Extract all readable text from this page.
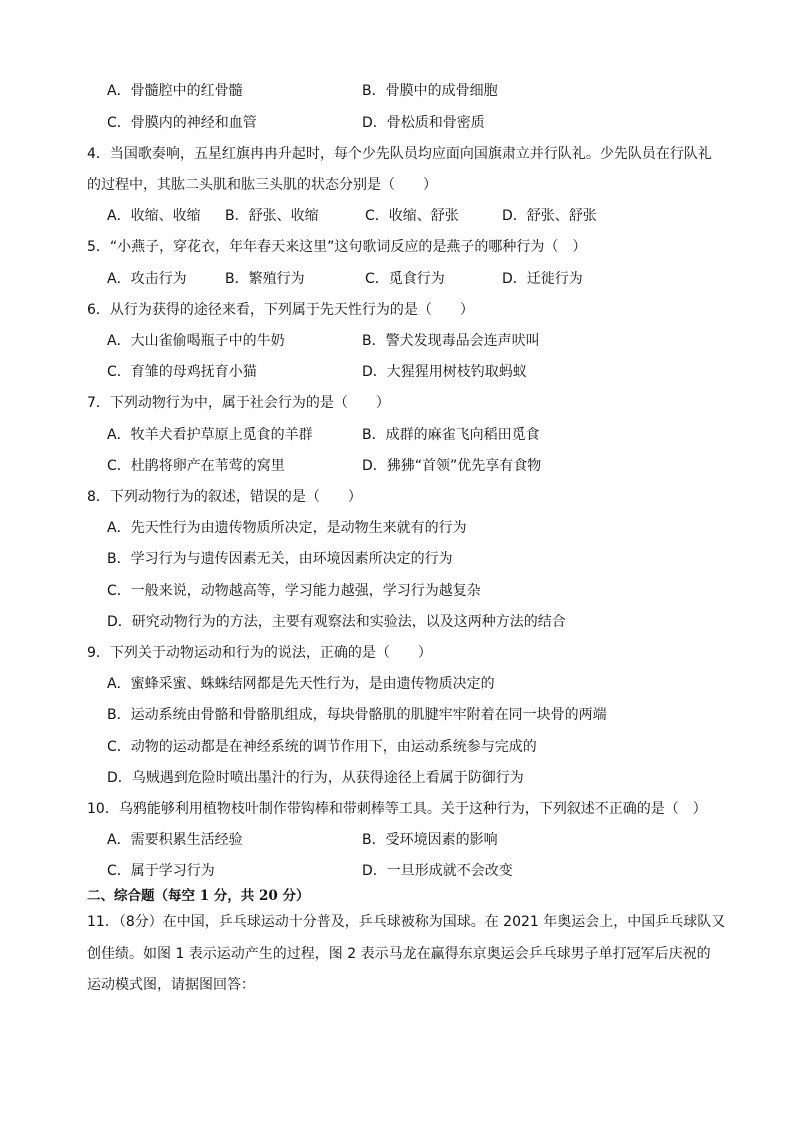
A．骨髓腔中的红骨髓	B．骨膜中的成骨细胞
C．骨膜内的神经和血管	D．骨松质和骨密质
4．当国歌奏响，五星红旗冉冉升起时，每个少先队员均应面向国旗肃立并行队礼。少先队员在行队礼
的过程中，其肱二头肌和肱三头肌的状态分别是（　　）
A．收缩、收缩 B．舒张、收缩	C．收缩、舒张	D．舒张、舒张
5．“小燕子，穿花衣，年年春天来这里”这句歌词反应的是燕子的哪种行为（　）
A．攻击行为	B．繁殖行为	C．觅食行为	D．迁徙行为
6．从行为获得的途径来看，下列属于先天性行为的是（　　）
A．大山雀偷喝瓶子中的牛奶	B．警犬发现毒品会连声吠叫
C．育雏的母鸡抚育小猫	D．大猩猩用树枝钓取蚂蚁
7．下列动物行为中，属于社会行为的是（　　）
A．牧羊犬看护草原上觅食的羊群	B．成群的麻雀飞向稻田觅食
C．杜鹃将卵产在苇莺的窝里	D．狒狒“首领”优先享有食物
8．下列动物行为的叙述，错误的是（　　）
A．先天性行为由遗传物质所决定，是动物生来就有的行为
B．学习行为与遗传因素无关，由环境因素所决定的行为
C．一般来说，动物越高等，学习能力越强，学习行为越复杂
D．研究动物行为的方法，主要有观察法和实验法，以及这两种方法的结合
9．下列关于动物运动和行为的说法，正确的是（　　）
A．蜜蜂采蜜、蛛蛛结网都是先天性行为，是由遗传物质决定的
B．运动系统由骨骼和骨骼肌组成，每块骨骼肌的肌腱牢牢附着在同一块骨的两端
C．动物的运动都是在神经系统的调节作用下，由运动系统参与完成的
D．乌贼遇到危险时喷出墨汁的行为，从获得途径上看属于防御行为
10．乌鸦能够利用植物枝叶制作带钩棒和带刺棒等工具。关于这种行为，下列叙述不正确的是（　）
A．需要积累生活经验	B．受环境因素的影响
C．属于学习行为	D．一旦形成就不会改变
二、综合题（每空 1 分，共 20 分）
11．（8分）在中国，乒乓球运动十分普及，乒乓球被称为国球。在 2021 年奥运会上，中国乒乓球队又
创佳绩。如图 1 表示运动产生的过程，图 2 表示马龙在赢得东京奥运会乒乓球男子单打冠军后庆祝的
运动模式图，请据图回答：
